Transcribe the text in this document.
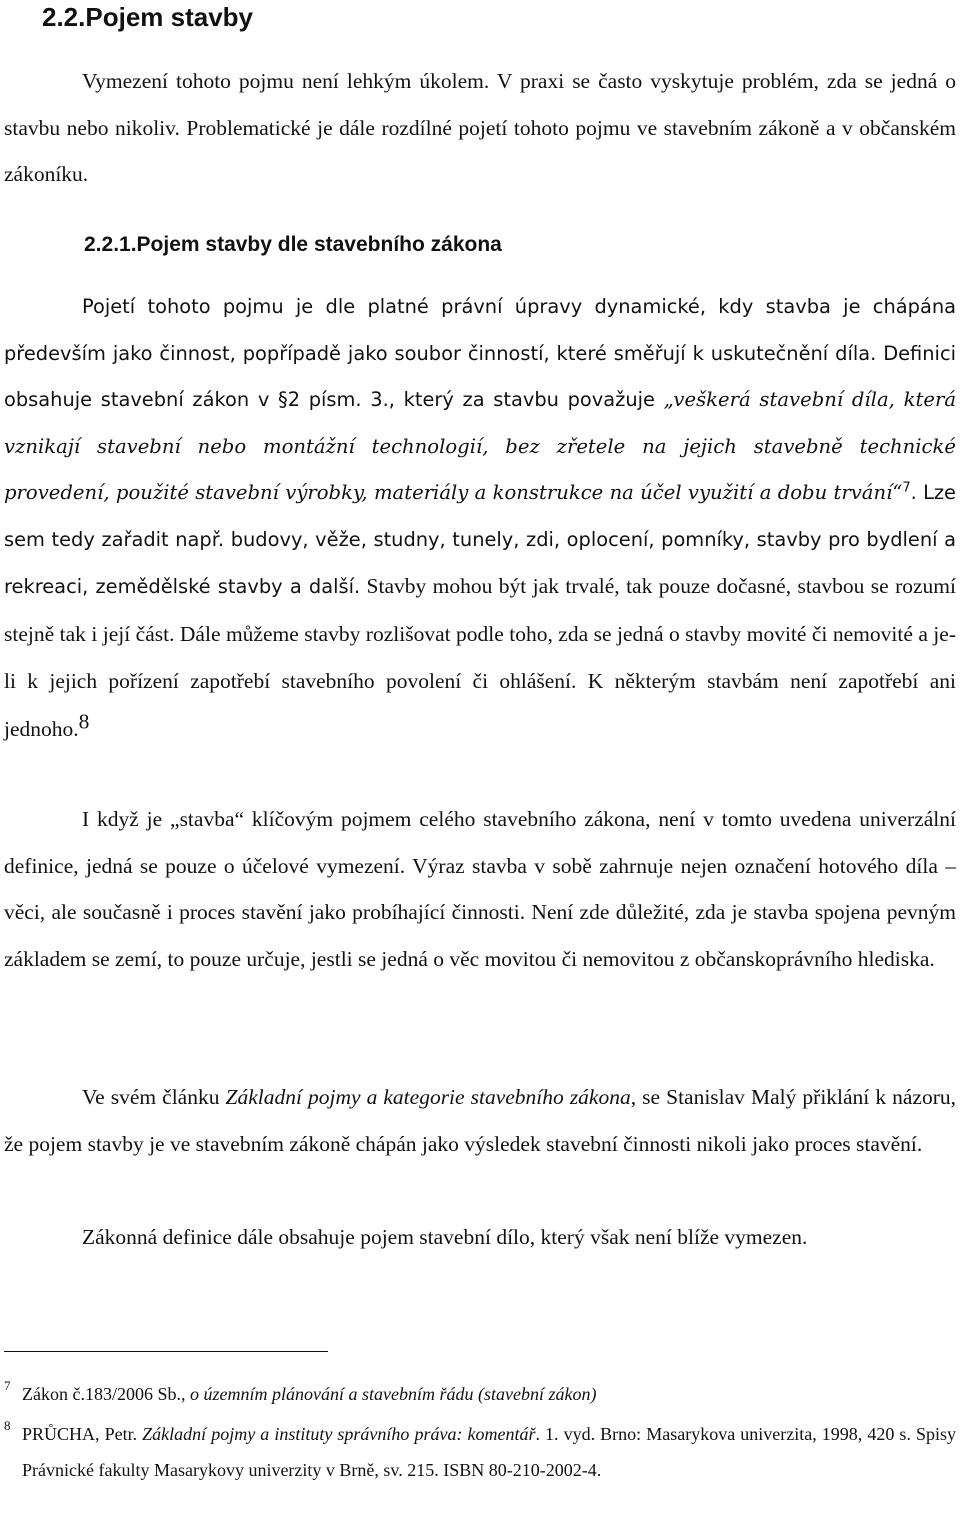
2.2.Pojem stavby

Vymezení tohoto pojmu není lehkým úkolem. V praxi se často vyskytuje problém, zda se jedná o stavbu nebo nikoliv. Problematické je dále rozdílné pojetí tohoto pojmu ve stavebním zákoně a v občanském zákoníku.

2.2.1.Pojem stavby dle stavebního zákona

Pojetí tohoto pojmu je dle platné právní úpravy dynamické, kdy stavba je chápána především jako činnost, popřípadě jako soubor činností, které směřují k uskutečnění díla. Definici obsahuje stavební zákon v §2 písm. 3., který za stavbu považuje „veškerá stavební díla, která vznikají stavební nebo montážní technologií, bez zřetele na jejich stavebně technické provedení, použité stavební výrobky, materiály a konstrukce na účel využití a dobu trvání“$^7$. Lze sem tedy zařadit např. budovy, věže, studny, tunely, zdi, oplocení, pomníky, stavby pro bydlení a rekreaci, zemědělské stavby a další. Stavby mohou být jak trvalé, tak pouze dočasné, stavbou se rozumí stejně tak i její část. Dále můžeme stavby rozlišovat podle toho, zda se jedná o stavby movité či nemovité a je-li k jejich pořízení zapotřebí stavebního povolení či ohlášení. K některým stavbám není zapotřebí ani jednoho.$^8$

I když je „stavba“ klíčovým pojmem celého stavebního zákona, není v tomto uvedena univerzální definice, jedná se pouze o účelové vymezení. Výraz stavba v sobě zahrnuje nejen označení hotového díla – věci, ale současně i proces stavění jako probíhající činnosti. Není zde důležité, zda je stavba spojena pevným základem se zemí, to pouze určuje, jestli se jedná o věc movitou či nemovitou z občanskoprávního hlediska.

Ve svém článku Základní pojmy a kategorie stavebního zákona, se Stanislav Malý přiklání k názoru, že pojem stavby je ve stavebním zákoně chápán jako výsledek stavební činnosti nikoli jako proces stavění.

Zákonná definice dále obsahuje pojem stavební dílo, který však není blíže vymezen.

7 Zákon č.183/2006 Sb., o územním plánování a stavebním řádu (stavební zákon)
8 PRŮCHA, Petr. Základní pojmy a instituty správního práva: komentář. 1. vyd. Brno: Masarykova univerzita, 1998, 420 s. Spisy Právnické fakulty Masarykovy univerzity v Brně, sv. 215. ISBN 80-210-2002-4.
